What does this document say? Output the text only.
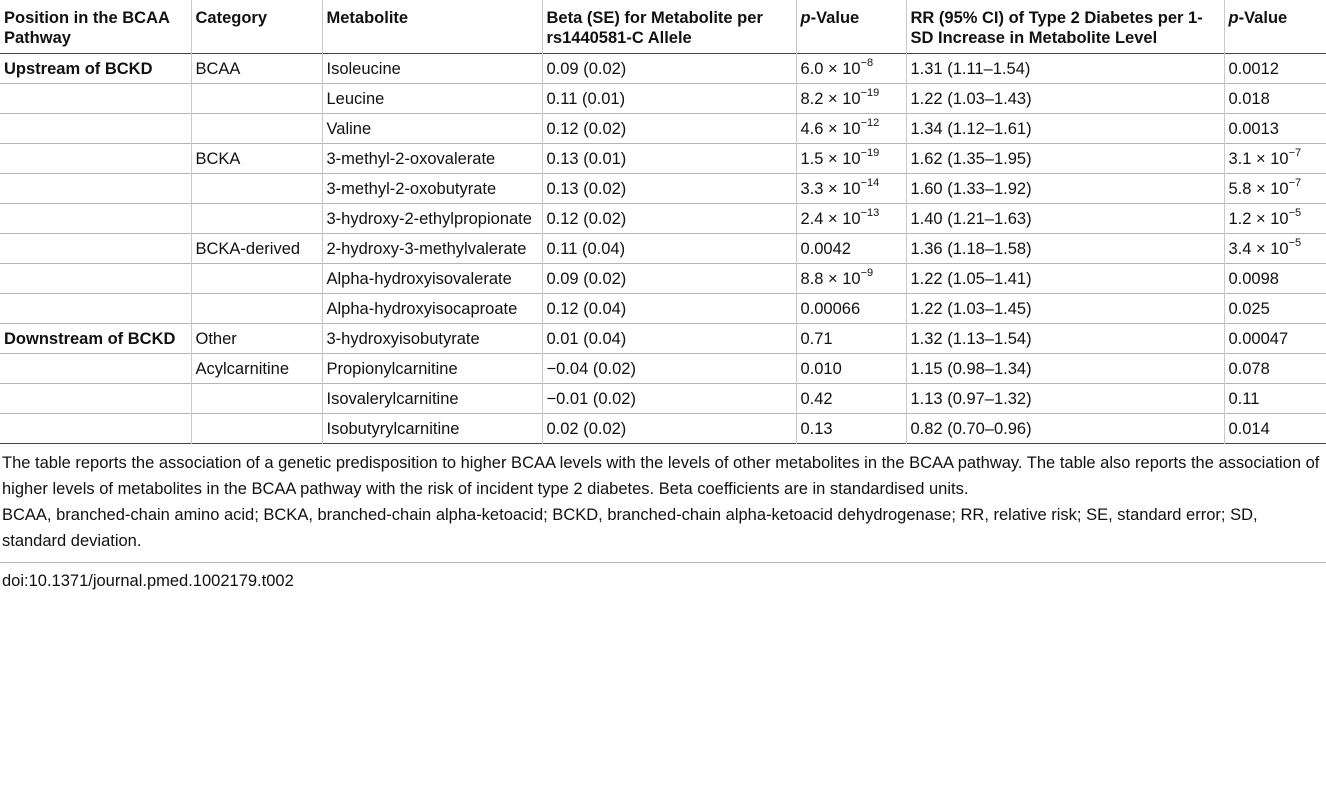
Position in the BCAA Pathway	Category	Metabolite	Beta (SE) for Metabolite per rs1440581-C Allele	p-Value	RR (95% CI) of Type 2 Diabetes per 1-SD Increase in Metabolite Level	p-Value
Upstream of BCKD	BCAA	Isoleucine	0.09 (0.02)	$6.0 \times 10^{-8}$	1.31 (1.11–1.54)	0.0012
		Leucine	0.11 (0.01)	$8.2 \times 10^{-19}$	1.22 (1.03–1.43)	0.018
		Valine	0.12 (0.02)	$4.6 \times 10^{-12}$	1.34 (1.12–1.61)	0.0013
	BCKA	3-methyl-2-oxovalerate	0.13 (0.01)	$1.5 \times 10^{-19}$	1.62 (1.35–1.95)	$3.1 \times 10^{-7}$
		3-methyl-2-oxobutyrate	0.13 (0.02)	$3.3 \times 10^{-14}$	1.60 (1.33–1.92)	$5.8 \times 10^{-7}$
		3-hydroxy-2-ethylpropionate	0.12 (0.02)	$2.4 \times 10^{-13}$	1.40 (1.21–1.63)	$1.2 \times 10^{-5}$
	BCKA-derived	2-hydroxy-3-methylvalerate	0.11 (0.04)	0.0042	1.36 (1.18–1.58)	$3.4 \times 10^{-5}$
		Alpha-hydroxyisovalerate	0.09 (0.02)	$8.8 \times 10^{-9}$	1.22 (1.05–1.41)	0.0098
		Alpha-hydroxyisocaproate	0.12 (0.04)	0.00066	1.22 (1.03–1.45)	0.025
Downstream of BCKD	Other	3-hydroxyisobutyrate	0.01 (0.04)	0.71	1.32 (1.13–1.54)	0.00047
	Acylcarnitine	Propionylcarnitine	−0.04 (0.02)	0.010	1.15 (0.98–1.34)	0.078
		Isovalerylcarnitine	−0.01 (0.02)	0.42	1.13 (0.97–1.32)	0.11
		Isobutyrylcarnitine	0.02 (0.02)	0.13	0.82 (0.70–0.96)	0.014

The table reports the association of a genetic predisposition to higher BCAA levels with the levels of other metabolites in the BCAA pathway. The table also reports the association of higher levels of metabolites in the BCAA pathway with the risk of incident type 2 diabetes. Beta coefficients are in standardised units.

BCAA, branched-chain amino acid; BCKA, branched-chain alpha-ketoacid; BCKD, branched-chain alpha-ketoacid dehydrogenase; RR, relative risk; SE, standard error; SD, standard deviation.

doi:10.1371/journal.pmed.1002179.t002
